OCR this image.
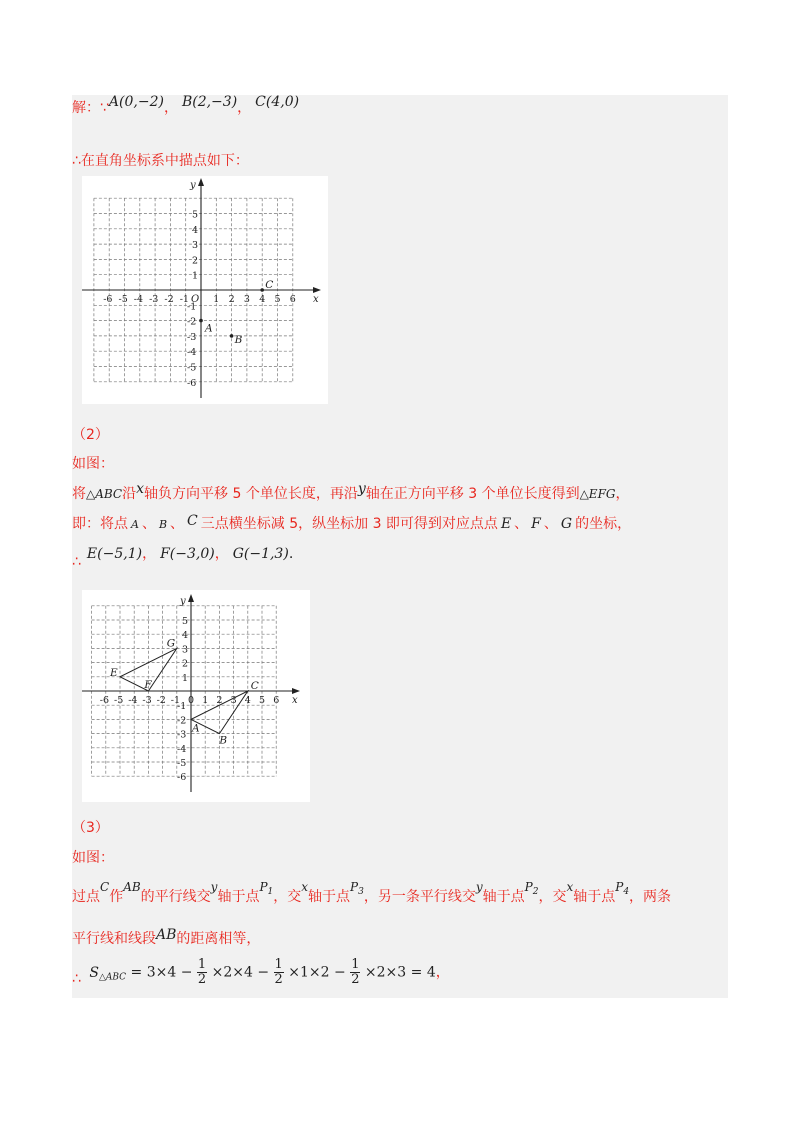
解：∵A(0,−2)， B(2,−3)， C(4,0)
∴在直角坐标系中描点如下：
x
y
-6 -5 -4 -3 -2 -1	1 2 3 4 5 6
5
4
3
2
1
-1
-2
-3
-4
-5
-6
O
A
B
C
（2）
如图：
将△ABC沿x轴负方向平移 5 个单位长度，再沿y轴在正方向平移 3 个单位长度得到△EFG，
即：将点 A 、 B 、 C 三点横坐标减 5，纵坐标加 3 即可得到对应点点 E 、 F 、 G 的坐标，
∴ E(−5,1)， F(−3,0)， G(−1,3).
x
y
-6 -5 -4 -3 -2 -1 0 1 2 3 4 5 6
5
4
3
2
1
-1
-2
-3
-4
-5
-6
A
B
C
E
F
G
（3）
如图：
过点C作AB的平行线交y轴于点$P_1$，交x轴于点$P_3$，另一条平行线交y轴于点$P_2$，交x轴于点$P_4$，两条
平行线和线段AB的距离相等，
∴ $S_{\triangle ABC} = 3\times 4 - \frac{1}{2} \times 2\times 4 - \frac{1}{2} \times 1\times 2 - \frac{1}{2} \times 2\times 3 = 4$，
